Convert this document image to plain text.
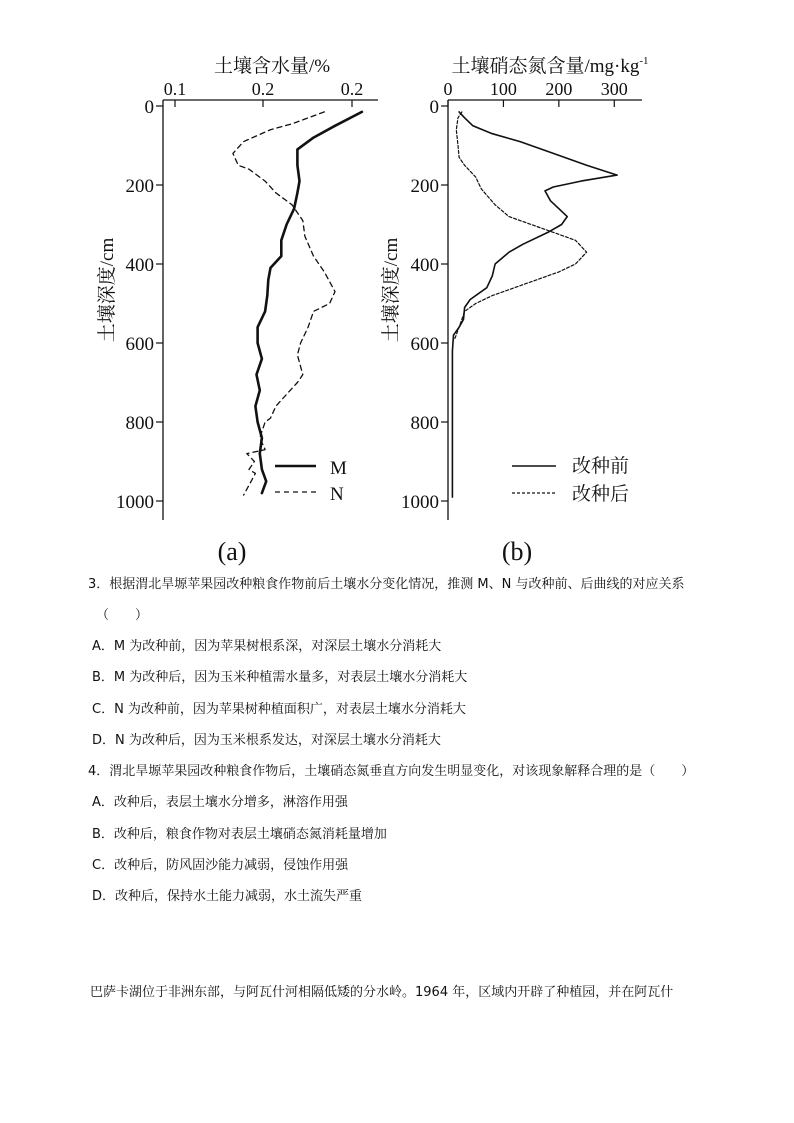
土壤含水量/%
0.1	0.2	0.2
0
200
400
600
800
1000
土壤深度/cm
M
N
(a)
土壤硝态氮含量$/mg\cdot kg^{-1}$
0 100 200 300
0
200
400
600
800
1000
土壤深度/cm
改种前
改种后
(b)
3．根据渭北旱塬苹果园改种粮食作物前后土壤水分变化情况，推测 M、N 与改种前、后曲线的对应关系
（　　）
A．M 为改种前，因为苹果树根系深，对深层土壤水分消耗大
B．M 为改种后，因为玉米种植需水量多，对表层土壤水分消耗大
C．N 为改种前，因为苹果树种植面积广，对表层土壤水分消耗大
D．N 为改种后，因为玉米根系发达，对深层土壤水分消耗大
4．渭北旱塬苹果园改种粮食作物后，土壤硝态氮垂直方向发生明显变化，对该现象解释合理的是（　　）
A．改种后，表层土壤水分增多，淋溶作用强
B．改种后，粮食作物对表层土壤硝态氮消耗量增加
C．改种后，防风固沙能力减弱，侵蚀作用强
D．改种后，保持水土能力减弱，水土流失严重
巴萨卡湖位于非洲东部，与阿瓦什河相隔低矮的分水岭。1964 年，区域内开辟了种植园，并在阿瓦什
